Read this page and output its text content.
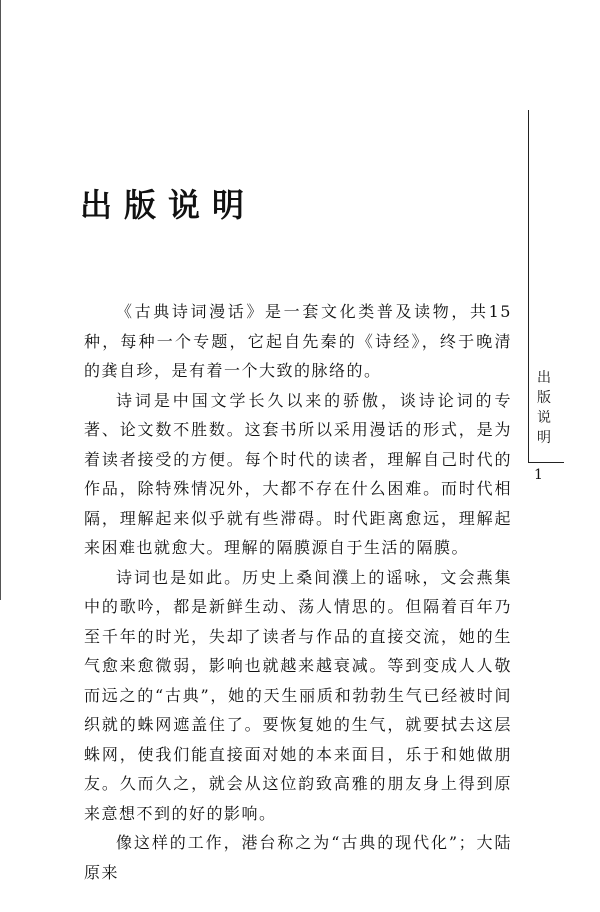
出版说明

《古典诗词漫话》是一套文化类普及读物，共15种，每种一个专题，它起自先秦的《诗经》，终于晚清的龚自珍，是有着一个大致的脉络的。

诗词是中国文学长久以来的骄傲，谈诗论词的专著、论文数不胜数。这套书所以采用漫话的形式，是为着读者接受的方便。每个时代的读者，理解自己时代的作品，除特殊情况外，大都不存在什么困难。而时代相隔，理解起来似乎就有些滞碍。时代距离愈远，理解起来困难也就愈大。理解的隔膜源自于生活的隔膜。

诗词也是如此。历史上桑间濮上的谣咏，文会燕集中的歌吟，都是新鲜生动、荡人情思的。但隔着百年乃至千年的时光，失却了读者与作品的直接交流，她的生气愈来愈微弱，影响也就越来越衰减。等到变成人人敬而远之的“古典”，她的天生丽质和勃勃生气已经被时间织就的蛛网遮盖住了。要恢复她的生气，就要拭去这层蛛网，使我们能直接面对她的本来面目，乐于和她做朋友。久而久之，就会从这位韵致高雅的朋友身上得到原来意想不到的好的影响。

像这样的工作，港台称之为“古典的现代化”；大陆原来

出
版
说
明
1
